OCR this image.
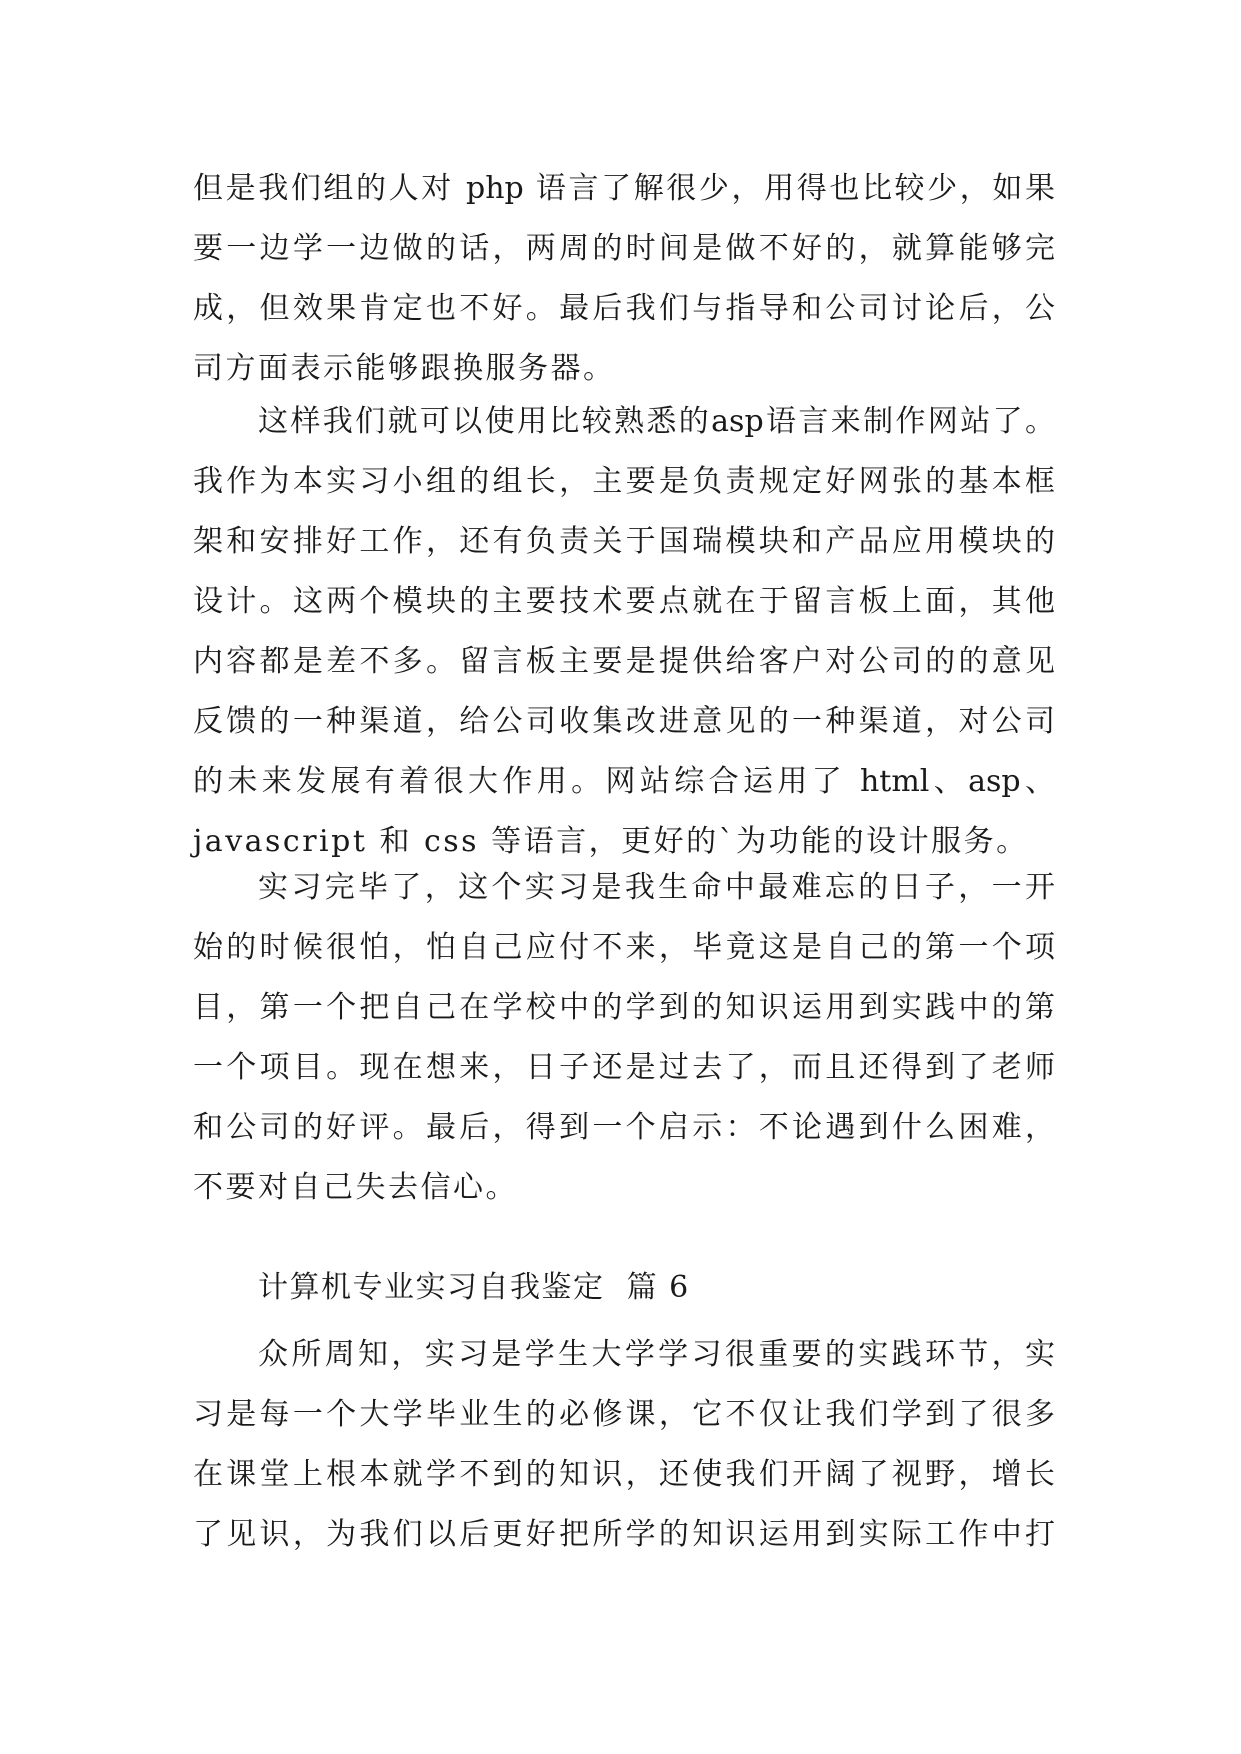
但是我们组的人对 php 语言了解很少，用得也比较少，如果
要一边学一边做的话，两周的时间是做不好的，就算能够完
成，但效果肯定也不好。最后我们与指导和公司讨论后，公
司方面表示能够跟换服务器。
这样我们就可以使用比较熟悉的asp语言来制作网站了。
我作为本实习小组的组长，主要是负责规定好网张的基本框
架和安排好工作，还有负责关于国瑞模块和产品应用模块的
设计。这两个模块的主要技术要点就在于留言板上面，其他
内容都是差不多。留言板主要是提供给客户对公司的的意见
反馈的一种渠道，给公司收集改进意见的一种渠道，对公司
的未来发展有着很大作用。网站综合运用了 html、asp、
javascript 和 css 等语言，更好的`为功能的设计服务。
实习完毕了，这个实习是我生命中最难忘的日子，一开
始的时候很怕，怕自己应付不来，毕竟这是自己的第一个项
目，第一个把自己在学校中的学到的知识运用到实践中的第
一个项目。现在想来，日子还是过去了，而且还得到了老师
和公司的好评。最后，得到一个启示：不论遇到什么困难，
不要对自己失去信心。
计算机专业实习自我鉴定  篇 6
众所周知，实习是学生大学学习很重要的实践环节，实
习是每一个大学毕业生的必修课，它不仅让我们学到了很多
在课堂上根本就学不到的知识，还使我们开阔了视野，增长
了见识，为我们以后更好把所学的知识运用到实际工作中打
